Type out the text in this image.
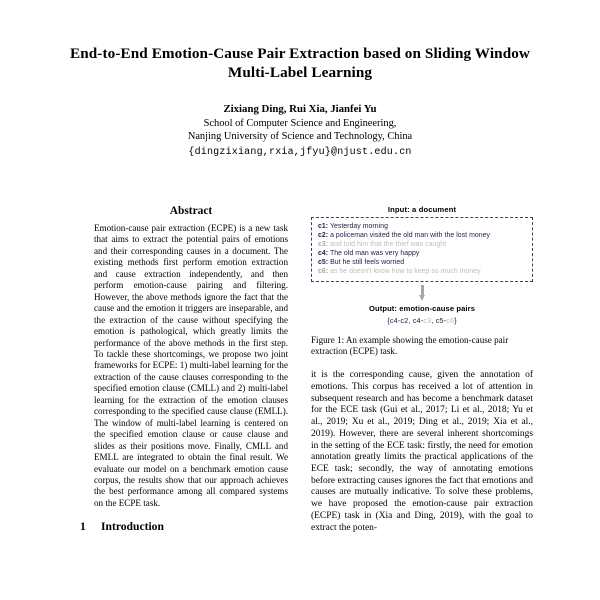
End-to-End Emotion-Cause Pair Extraction based on Sliding Window Multi-Label Learning
Zixiang Ding, Rui Xia, Jianfei Yu
School of Computer Science and Engineering,
Nanjing University of Science and Technology, China
{dingzixiang,rxia,jfyu}@njust.edu.cn
Abstract

Emotion-cause pair extraction (ECPE) is a new task that aims to extract the potential pairs of emotions and their corresponding causes in a document. The existing methods first perform emotion extraction and cause extraction independently, and then perform emotion-cause pairing and filtering. However, the above methods ignore the fact that the cause and the emotion it triggers are inseparable, and the extraction of the cause without specifying the emotion is pathological, which greatly limits the performance of the above methods in the first step. To tackle these shortcomings, we propose two joint frameworks for ECPE: 1) multi-label learning for the extraction of the cause clauses corresponding to the specified emotion clause (CMLL) and 2) multi-label learning for the extraction of the emotion clauses corresponding to the specified cause clause (EMLL). The window of multi-label learning is centered on the specified emotion clause or cause clause and slides as their positions move. Finally, CMLL and EMLL are integrated to obtain the final result. We evaluate our model on a benchmark emotion cause corpus, the results show that our approach achieves the best performance among all compared systems on the ECPE task.

1	Introduction
Input: a document
c1: Yesterday morning
c2: a policeman visited the old man with the lost money
c3: and told him that the thief was caught
c4: The old man was very happy
c5: But he still feels worried
c6: as he doesn't know how to keep so much money
Output: emotion-cause pairs
{c4-c2, c4-c3, c5-c6}
Figure 1: An example showing the emotion-cause pair extraction (ECPE) task.

it is the corresponding cause, given the annotation of emotions. This corpus has received a lot of attention in subsequent research and has become a benchmark dataset for the ECE task (Gui et al., 2017; Li et al., 2018; Yu et al., 2019; Xu et al., 2019; Ding et al., 2019; Xia et al., 2019). However, there are several inherent shortcomings in the setting of the ECE task: firstly, the need for emotion annotation greatly limits the practical applications of the ECE task; secondly, the way of annotating emotions before extracting causes ignores the fact that emotions and causes are mutually indicative. To solve these problems, we have proposed the emotion-cause pair extraction (ECPE) task in (Xia and Ding, 2019), with the goal to extract the poten-
